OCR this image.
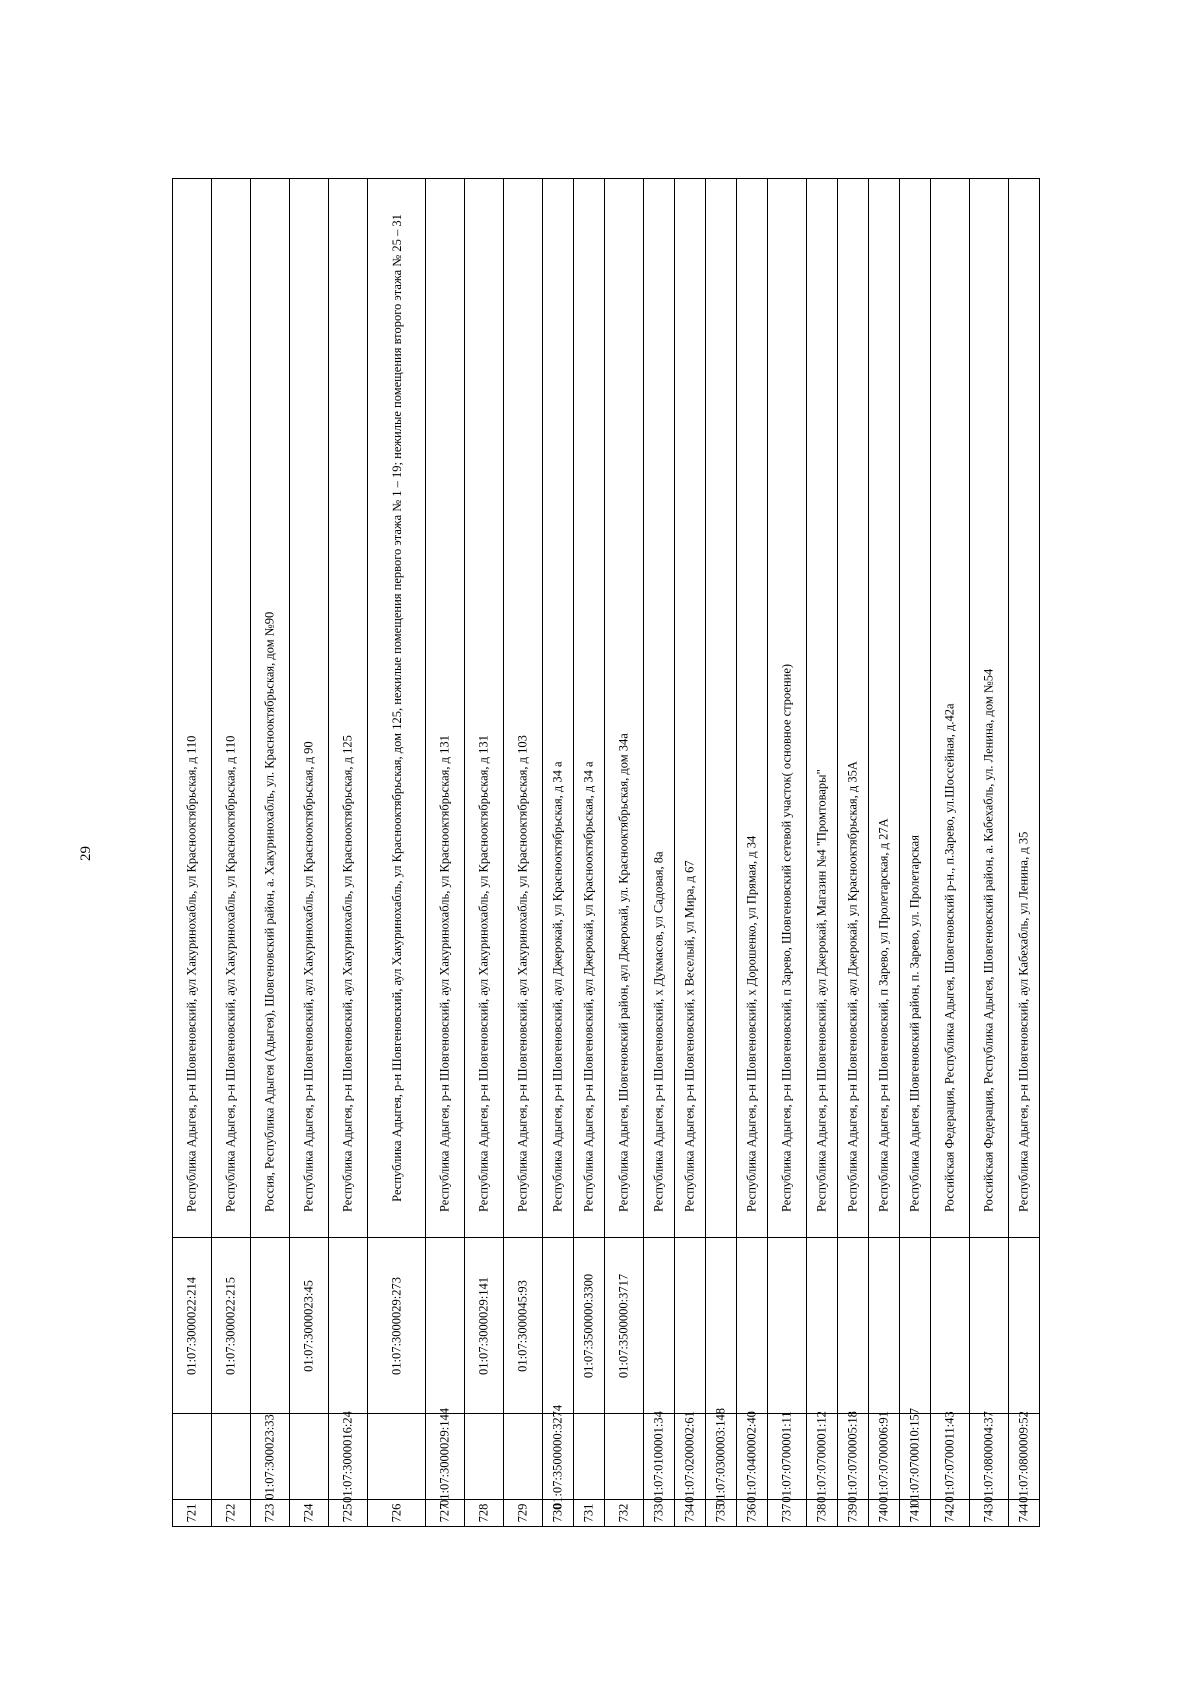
29	Республика Адыгея, р-н Шовгеновский, аул Хакуринохабль, ул Краснооктябрьская, д 110
01:07:3000022:214
721
Республика Адыгея, р-н Шовгеновский, аул Хакуринохабль, ул Краснооктябрьская, д 110
01:07:3000022:215
722
Россия, Республика Адыгея (Адыгея), Шовгеновский район, а. Хакуринохабль, ул. Краснооктябрьская, дом №90
01:07:300023:33
723
Республика Адыгея, р-н Шовгеновский, аул Хакуринохабль, ул Краснооктябрьская, д 90
01:07:3000023:45
724
Республика Адыгея, р-н Шовгеновский, аул Хакуринохабль, ул Краснооктябрьская, д 125
01:07:3000016:24
725
Республика Адыгея, р-н Шовгеновский, аул Хакуринохабль, ул Краснооктябрьская, дом 125, нежилые помещения первого этажа № 1 – 19; нежилые помещения второго этажа № 25 – 31
01:07:3000029:273
726
Республика Адыгея, р-н Шовгеновский, аул Хакуринохабль, ул Краснооктябрьская, д 131
01:07:3000029:144
727
Республика Адыгея, р-н Шовгеновский, аул Хакуринохабль, ул Краснооктябрьская, д 131
01:07:3000029:141
728
Республика Адыгея, р-н Шовгеновский, аул Хакуринохабль, ул Краснооктябрьская, д 103
01:07:3000045:93
729
Республика Адыгея, р-н Шовгеновский, аул Джерокай, ул Краснооктябрьская, д 34 а
01:07:3500000:3274
730
Республика Адыгея, р-н Шовгеновский, аул Джерокай, ул Краснооктябрьская, д 34 а
01:07:3500000:3300
731
Республика Адыгея, Шовгеновский район, аул Джерокай, ул. Краснооктябрьская, дом 34а
01:07:3500000:3717
732
Республика Адыгея, р-н Шовгеновский, х Дукмасов, ул Садовая, 8а
01:07:0100001:34
733
Республика Адыгея, р-н Шовгеновский, х Веселый, ул Мира, д 67
01:07:0200002:61
734
01:07:0300003:148
735
Республика Адыгея, р-н Шовгеновский, х Дорошенко, ул Прямая, д 34
01:07:0400002:40
736
Республика Адыгея, р-н Шовгеновский, п Зарево, Шовгеновский сетевой участок( основное строение)
01:07:0700001:11
737
Республика Адыгея, р-н Шовгеновский, аул Джерокай, Магазин №4 "Промтовары"
01:07:0700001:12
738
Республика Адыгея, р-н Шовгеновский, аул Джерокай, ул Краснооктябрьская, д 35А
01:07:0700005:18
739
Республика Адыгея, р-н Шовгеновский, п Зарево, ул Пролетарская, д 27А
01:07:0700006:91
740
Республика Адыгея, Шовгеновский район, п. Зарево, ул. Пролетарская
01:07:0700010:157
741
Российская Федерация, Республика Адыгея, Шовгеновский р-н., п.Зарево, ул.Шоссейная, д.42а
01:07:0700011:43
742
Российская Федерация, Республика Адыгея, Шовгеновский район, а. Кабехабль, ул. Ленина, дом №54
01:07:0800004:37
743
Республика Адыгея, р-н Шовгеновский, аул Кабехабль, ул Ленина, д 35
01:07:0800009:52
744
